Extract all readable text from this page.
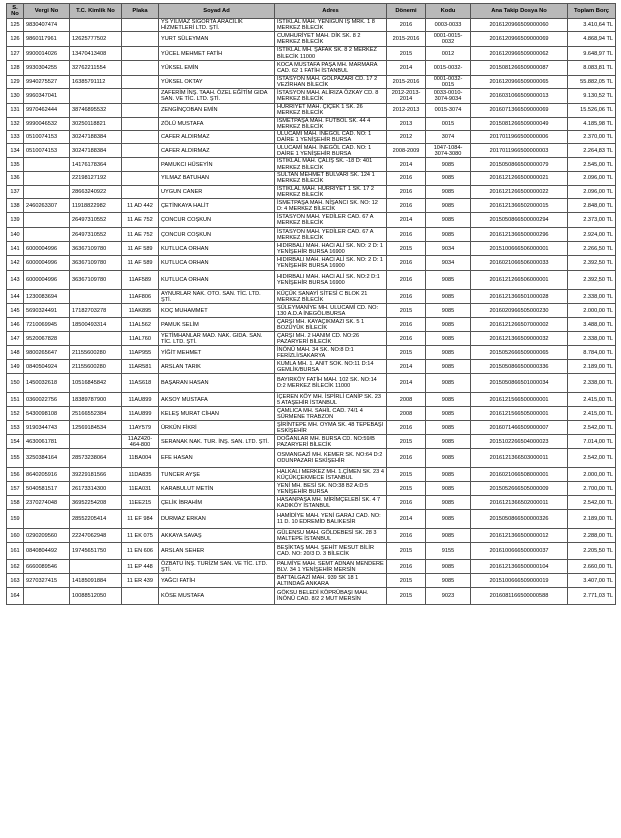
S. No	Vergi No	T.C. Kimlik No	Plaka	Soyad Ad	Adres	Dönemi	Kodu	Ana Takip Dosya No	Toplam Borç
125	9830407474			YS YILMAZ SİGORTA ARACILIK HİZMETLERİ LTD. ŞTİ.	İSTİKLAL MAH. YENİGÜN İŞ MRK. 1 8 MERKEZ BİLECİK	2016	0003-0033	2016120966509000060	3.410,64 TL
126	9860117961	12625777502		YURT SÜLEYMAN	CUMHURİYET MAH. DİK SK. 8 2 MERKEZ BİLECİK	2015-2016	0001-0015-0032	2016120966509000069	4.868,94 TL
127	9900014026	13470413408		YÜCEL MEHMET FATİH	İSTİKLAL MH. ŞAFAK SK. 8 2 MERKEZ BİLECİK 11000	2015	0012	2016120966509000062	9.648,97 TL
128	9930304255	32762211554		YÜKSEL EMİN	KOCA MUSTAFA PAŞA MH. MARMARA CAD. 62 1 FATİH İSTANBUL	2014	0015-0032-	2015081266509000087	8.083,81 TL
129	9940275527	16385791112		YÜKSEL OKTAY	İSTASYON MAH. GÖLPAZARI CD. 17 2 VEZİRHAN BİLECİK	2015-2016	0001-0032-0015	2016120966509000065	55.882,05 TL
130	9960347041			ZAFERİM İNŞ. TAAH. ÖZEL EĞİTİM GIDA SAN. VE TİC. LTD. ŞTİ.	İSTASYON MAH. ALİRIZA ÖZKAY CD. 8 MERKEZ BİLECİK	2012-2013-2014	0033-0010-3074-9034	2016031066509000013	9.130,52 TL
131	9970462444	38746895532		ZENGİNÇOBAN EMİN	HÜRRİYET MAH. ÇİÇEK 1 SK. 26 MERKEZ BİLECİK	2012-2013	0015-3074	2016071366509000069	15.526,06 TL
132	9990046532	30250118821		ZÖLÜ MUSTAFA	İSMETPAŞA MAH. FUTBOL SK. 44 4 MERKEZ BİLECİK	2013	0015	2015081266509000049	4.185,98 TL
133	0510074153	30247188384		CAFER ALDIRMAZ	ULUCAMİ MAH. İNEGÖL CAD. NO: 1 DAİRE 1 YENİŞEHİR BURSA	2012	3074	2017011966500000006	2.370,00 TL
134	0510074153	30247188384		CAFER ALDIRMAZ	ULUCAMİ MAH. İNEGÖL CAD. NO: 1 DAİRE 1 YENİŞEHİR BURSA	2008-2009	1047-1084-3074-3080	2017011966500000003	2.264,83 TL
135		14176178364		PAMUKCI HÜSEYİN	İSTİKLAL MAH. ÇALIŞ SK. -18 D: 401 MERKEZ BİLECİK	2014	9085	2015050866500000079	2.545,00 TL
136		22198127192		YILMAZ BATUHAN	SULTAN MEHMET BULVARI SK. 124 1 MERKEZ BİLECİK	2016	9085	2016121266500000021	2.096,00 TL
137		28663240922		UYGUN CANER	İSTİKLAL MAH. HÜRRİYET 1 SK. 17 2 MERKEZ BİLECİK	2016	9085	2016121266500000022	2.096,00 TL
138	2460263307	11918822982	11 AD 442	ÇETİNKAYA HALİT	İSMETPAŞA MAH. NİŞANCI SK. NO: 12 D: 4 MERKEZ BİLECİK	2016	9085	2016121366502000015	2.848,00 TL
139		26497310552	11 AE 752	ÇONCUR COŞKUN	İSTASYON MAH. YEDİLER CAD. 67 A MERKEZ BİLECİK	2014	9085	2015050866500000294	2.373,00 TL
140		26497310552	11 AE 752	ÇONCUR COŞKUN	İSTASYON MAH. YEDİLER CAD. 67 A MERKEZ BİLECİK	2016	9085	2016121366500000296	2.924,00 TL
141	6000004996	36367109780	11 AF 589	KUTLUCA ORHAN	HIDIRBALI MAH. HACI ALİ SK. NO: 2 D: 1 YENİŞEHİR BURSA 16900	2015	9034	2015100666506000001	2.266,50 TL
142	6000004996	36367109780	11 AF 589	KUTLUCA ORHAN	HIDIRBALI MAH. HACI ALİ SK. NO: 2 D: 1 YENİŞEHİR BURSA 16900	2016	9034	2016021066506000033	2.392,50 TL
143	6000004996	36367109780	11AF589	KUTLUCA ORHAN	HIDIRBALI MAH. HACI ALİ SK. NO:2 D:1 YENİŞEHİR BURSA 16900	2016	9085	2016121266506000001	2.392,50 TL
144	1230083694		11AF806	AYNURLAR NAK. OTO. SAN. TİC. LTD. ŞTİ.	KÜÇÜK SANAYİ SİTESİ C BLOK 21 MERKEZ BİLECİK	2016	9085	2016121366501000028	2.338,00 TL
145	5690324491	17182703278	11AK895	KOÇ MUHAMMET	SÜLEYMANİYE MH. ULUCAMİ CD. NO: 130 A.D.A İNEGÖL/BURSA	2015	9085	2016020966505000230	2.000,00 TL
146	7210069945	18500493314	11AL562	PAMUK SELİM	ÇARŞI MH. KAYAÇIKMAZI SK. 5 1 BOZÜYÜK BİLECİK	2016	9085	2016121266507000002	3.488,00 TL
147	9520067828		11AL760	YETİMHANLAR MAD. NAK. GIDA. SAN. TİC. LTD. ŞTİ.	ÇARŞI MH. 2 HANIM CD. NO:26 PAZARYERİ BİLECİK	2016	9085	2016121366509000032	2.338,00 TL
148	9800265647	21155600280	11AP955	YİĞİT MEHMET	İNÖNÜ MAH. 34 SK. NO:8 D:1 FERİZLİ/SAKARYA	2015	9085	2015052666509000065	8.784,00 TL
149	0840504924	21155600280	11AR581	ARSLAN TARIK	KUMLA MH. 1. ANIT SOK. NO:11 D:14 GEMLİK/BURSA	2014	9085	2015050866500000336	2.189,00 TL
150	1450032618	10516845842	11AS618	BAŞARAN HASAN	BAYIRKÖY FATİH MAH. 102 SK. NO:14 D:2 MERKEZ BİLECİK 11000	2014	9085	2015050866501000034	2.338,00 TL
151	0360022756	18389787900	11AU899	AKSOY MUSTAFA	İÇEREN KÖY MH. İSPİRLİ CANİP SK. 23 5 ATAŞEHİR İSTANBUL	2008	9085	2016121566500000001	2.415,00 TL
152	5430098108	25166552384	11AU899	KELEŞ MURAT CİHAN	ÇAMLICA MH. SAHİL CAD. 74/1 4 SÜRMENE TRABZON	2008	9085	2016121566505000001	2.415,00 TL
153	9190344743	12569184534	11AY579	ÜRKÜN FİKRİ	ŞİRİNTEPE MH. OYMA SK. 48 TEPEBAŞI ESKİŞEHİR	2016	9085	2016071466509000007	2.542,00 TL
154	4630061781		11AZ420-464-800	SERANAK NAK. TUR. İNŞ. SAN. LTD. ŞTİ.	DOĞANLAR MH. BURSA CD. NO:59/B PAZARYERİ BİLECİK	2015	9085	2015102266504000023	7.014,00 TL
155	3250384164	28573238064	11BA004	EFE HASAN	OSMANGAZİ MH. KEMER SK. NO:64 D:2 ODUNPAZARI ESKİŞEHİR	2016	9085	2016121366503000011	2.542,00 TL
156	8640205916	39229181566	11DA835	TUNCER AYŞE	HALKALI MERKEZ MH. 1.ÇİMEN SK. 23 4 KÜÇÜKÇEKMECE İSTANBUL	2015	9085	2016021066508000001	2.000,00 TL
157	5040581517	26173314300	11EA031	KARABULUT METİN	YENİ MH. BESİ SK. NO:38 B2 A:D:5 YENİŞEHİR BURSA	2015	9085	2015052666505000009	2.700,00 TL
158	2370274048	36952254208	11EE215	ÇELİK İBRAHİM	HASANPAŞA MH. MİRİMÇELEBİ SK. 4 7 KADIKÖY İSTANBUL	2016	9085	2016121366502000011	2.542,00 TL
159		28552205414	11 EF 984	DURMAZ ERKAN	HAMİDİYE MAH. YENİ GARAJ CAD. NO: 11 D. 10 EDREMİD BALIKESİR	2014	9085	2015050866500000326	2.189,00 TL
160	0290209560	22247062948	11 EK 075	AKKAYA SAVAŞ	GÜLENSU MAH. GÖLDEBESİ SK. 28 3 MALTEPE İSTANBUL	2016	9085	2016121366500000012	2.288,00 TL
161	0840804492	19745651750	11 EN 606	ARSLAN SEHER	BEŞİKTAŞ MAH. ŞEHİT MESUT BİLİR CAD. NO: 20/3 D. 3 BİLECİK	2015	9155	2016100666500000037	2.205,50 TL
162	6660089546		11 EP 448	ÖZBATU İNŞ. TURİZM SAN. VE TİC. LTD. ŞTİ.	PALMİYE MAH. SEMT ADNAN MENDERE BLV. 34 1 YENİŞEHİR MERSİN	2016	9085	2016121366500000104	2.660,00 TL
163	9270327415	14185091884	11 ER 439	YAĞCI FATİH	BATTALGAZİ MAH. 939 SK 18 1 ALTINDAĞ ANKARA	2015	9085	2015100666509000019	3.407,00 TL
164		10088512050		KÖSE MUSTAFA	GÖKSU BELEDİ KÖPRÜBAŞI MAH. İNÖNÜ CAD. 8/2 2 MUT MERSİN	2015	9023	2016081166500000588	2.771,03 TL
